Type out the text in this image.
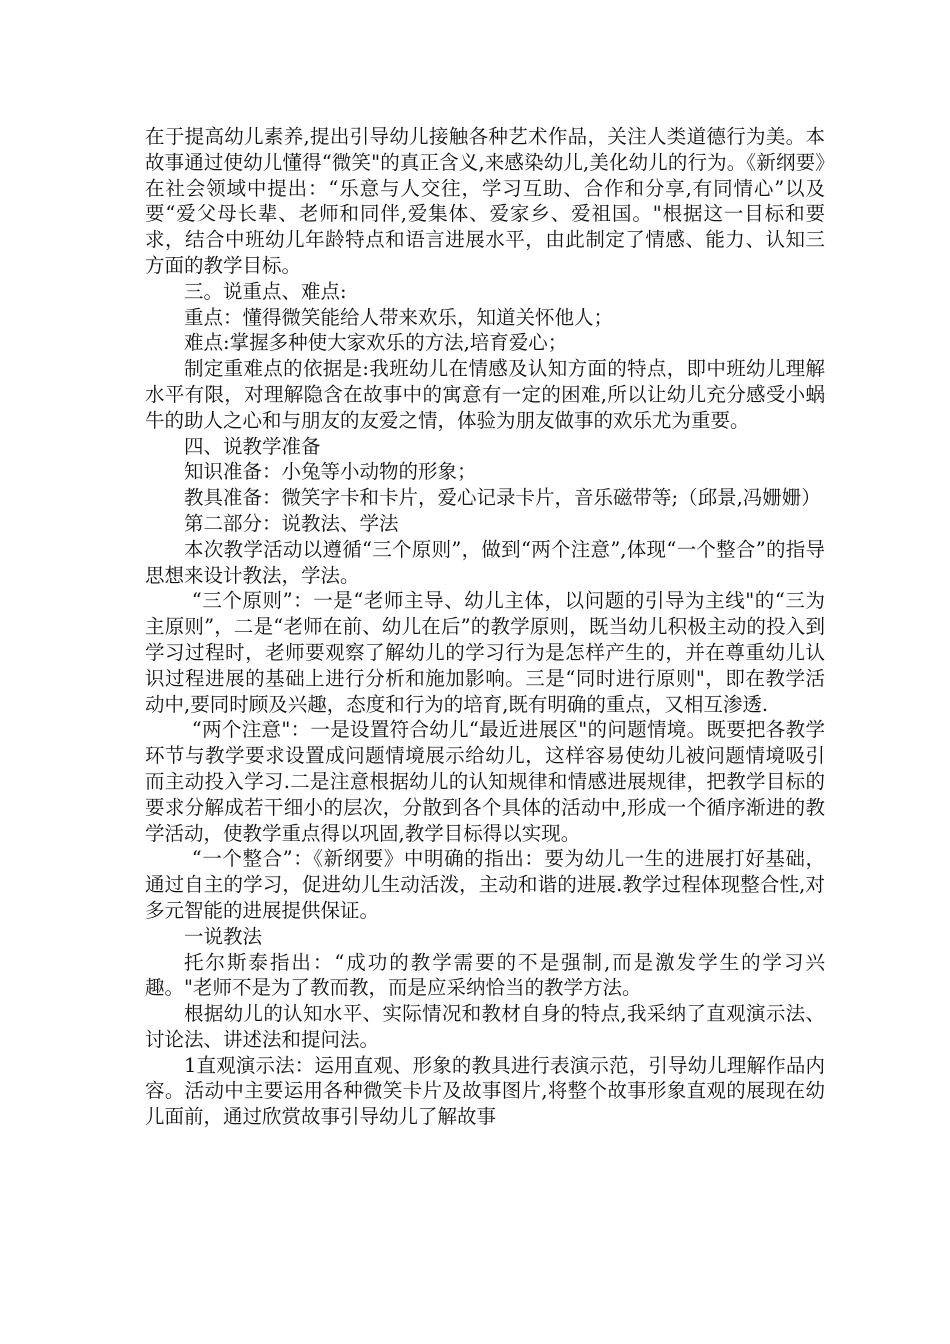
在于提高幼儿素养,提出引导幼儿接触各种艺术作品，关注人类道德行为美。本故事通过使幼儿懂得“微笑"的真正含义,来感染幼儿,美化幼儿的行为。《新纲要》在社会领域中提出：“乐意与人交往，学习互助、合作和分享,有同情心”以及要“爱父母长辈、老师和同伴,爱集体、爱家乡、爱祖国。"根据这一目标和要求，结合中班幼儿年龄特点和语言进展水平，由此制定了情感、能力、认知三方面的教学目标。

三。说重点、难点:

重点：懂得微笑能给人带来欢乐，知道关怀他人；

难点:掌握多种使大家欢乐的方法,培育爱心；

制定重难点的依据是:我班幼儿在情感及认知方面的特点，即中班幼儿理解水平有限，对理解隐含在故事中的寓意有一定的困难,所以让幼儿充分感受小蜗牛的助人之心和与朋友的友爱之情，体验为朋友做事的欢乐尤为重要。

四、说教学准备

知识准备：小兔等小动物的形象；

教具准备：微笑字卡和卡片，爱心记录卡片，音乐磁带等;（邱景,冯姗姗）

第二部分：说教法、学法

本次教学活动以遵循“三个原则”，做到“两个注意”,体现“一个整合”的指导思想来设计教法，学法。

“三个原则”：一是“老师主导、幼儿主体，以问题的引导为主线"的“三为主原则”，二是“老师在前、幼儿在后”的教学原则，既当幼儿积极主动的投入到学习过程时，老师要观察了解幼儿的学习行为是怎样产生的，并在尊重幼儿认识过程进展的基础上进行分析和施加影响。三是“同时进行原则"，即在教学活动中,要同时顾及兴趣，态度和行为的培育,既有明确的重点，又相互渗透.

“两个注意"：一是设置符合幼儿“最近进展区"的问题情境。既要把各教学环节与教学要求设置成问题情境展示给幼儿，这样容易使幼儿被问题情境吸引而主动投入学习.二是注意根据幼儿的认知规律和情感进展规律，把教学目标的要求分解成若干细小的层次，分散到各个具体的活动中,形成一个循序渐进的教学活动，使教学重点得以巩固,教学目标得以实现。

“一个整合”：《新纲要》中明确的指出：要为幼儿一生的进展打好基础，通过自主的学习，促进幼儿生动活泼，主动和谐的进展.教学过程体现整合性,对多元智能的进展提供保证。

一说教法

托尔斯泰指出：“成功的教学需要的不是强制,而是激发学生的学习兴趣。"老师不是为了教而教，而是应采纳恰当的教学方法。

根据幼儿的认知水平、实际情况和教材自身的特点,我采纳了直观演示法、讨论法、讲述法和提问法。

1直观演示法：运用直观、形象的教具进行表演示范，引导幼儿理解作品内容。活动中主要运用各种微笑卡片及故事图片,将整个故事形象直观的展现在幼儿面前，通过欣赏故事引导幼儿了解故事
